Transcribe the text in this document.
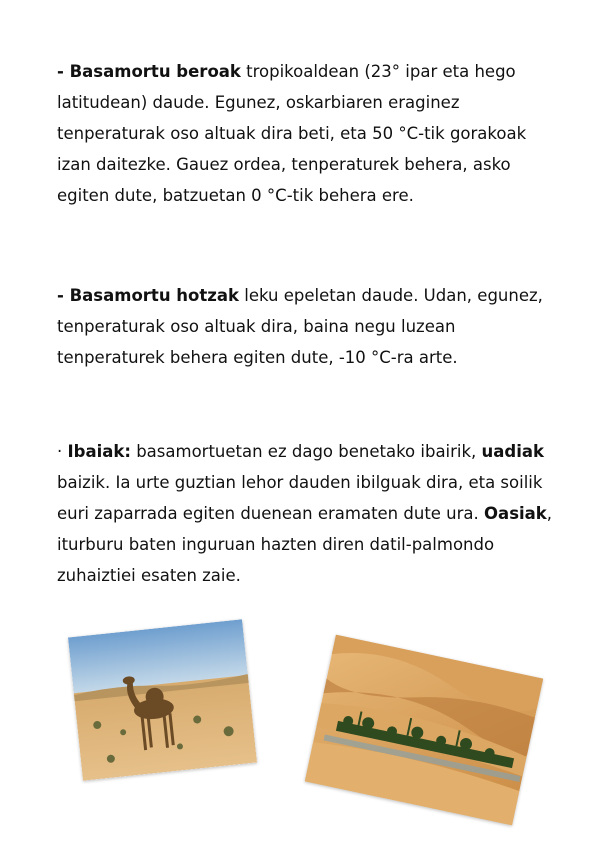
- Basamortu beroak tropikoaldean (23° ipar eta hego latitudean) daude. Egunez, oskarbiaren eraginez tenperaturak oso altuak dira beti, eta 50 °C-tik gorakoak izan daitezke. Gauez ordea, tenperaturek behera, asko egiten dute, batzuetan 0 °C-tik behera ere.

- Basamortu hotzak leku epeletan daude. Udan, egunez, tenperaturak oso altuak dira, baina negu luzean tenperaturek behera egiten dute, -10 °C-ra arte.

· Ibaiak: basamortuetan ez dago benetako ibairik, uadiak baizik. Ia urte guztian lehor dauden ibilguak dira, eta soilik euri zaparrada egiten duenean eramaten dute ura. Oasiak, iturburu baten inguruan hazten diren datil-palmondo zuhaiztiei esaten zaie.
